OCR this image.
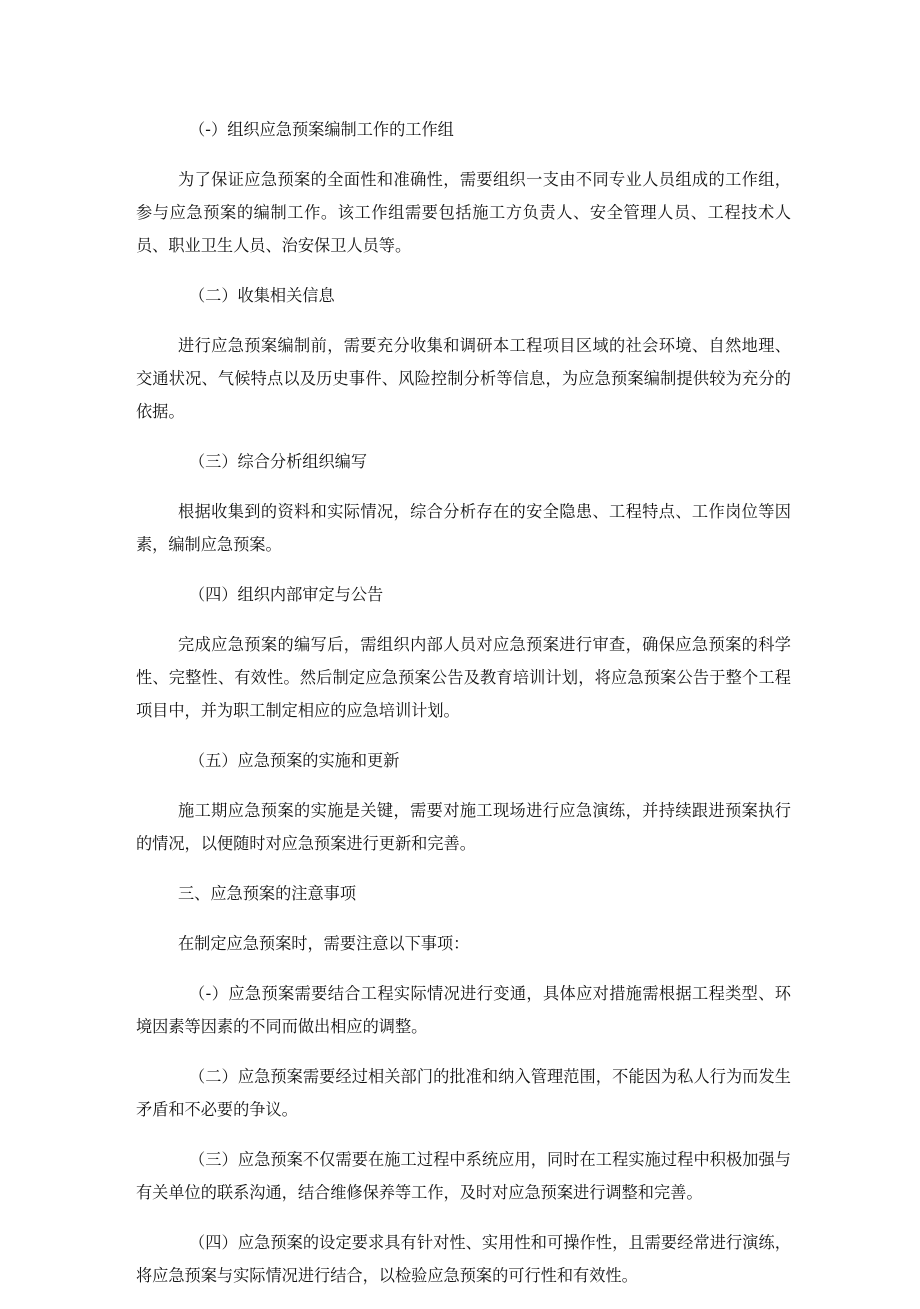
（-）组织应急预案编制工作的工作组
为了保证应急预案的全面性和准确性，需要组织一支由不同专业人员组成的工作组，参与应急预案的编制工作。该工作组需要包括施工方负责人、安全管理人员、工程技术人员、职业卫生人员、治安保卫人员等。
（二）收集相关信息
进行应急预案编制前，需要充分收集和调研本工程项目区域的社会环境、自然地理、交通状况、气候特点以及历史事件、风险控制分析等信息，为应急预案编制提供较为充分的依据。
（三）综合分析组织编写
根据收集到的资料和实际情况，综合分析存在的安全隐患、工程特点、工作岗位等因素，编制应急预案。
（四）组织内部审定与公告
完成应急预案的编写后，需组织内部人员对应急预案进行审查，确保应急预案的科学性、完整性、有效性。然后制定应急预案公告及教育培训计划，将应急预案公告于整个工程项目中，并为职工制定相应的应急培训计划。
（五）应急预案的实施和更新
施工期应急预案的实施是关键，需要对施工现场进行应急演练，并持续跟进预案执行的情况，以便随时对应急预案进行更新和完善。
三、应急预案的注意事项
在制定应急预案时，需要注意以下事项：
（-）应急预案需要结合工程实际情况进行变通，具体应对措施需根据工程类型、环境因素等因素的不同而做出相应的调整。
（二）应急预案需要经过相关部门的批准和纳入管理范围，不能因为私人行为而发生矛盾和不必要的争议。
（三）应急预案不仅需要在施工过程中系统应用，同时在工程实施过程中积极加强与有关单位的联系沟通，结合维修保养等工作，及时对应急预案进行调整和完善。
（四）应急预案的设定要求具有针对性、实用性和可操作性，且需要经常进行演练，将应急预案与实际情况进行结合，以检验应急预案的可行性和有效性。
